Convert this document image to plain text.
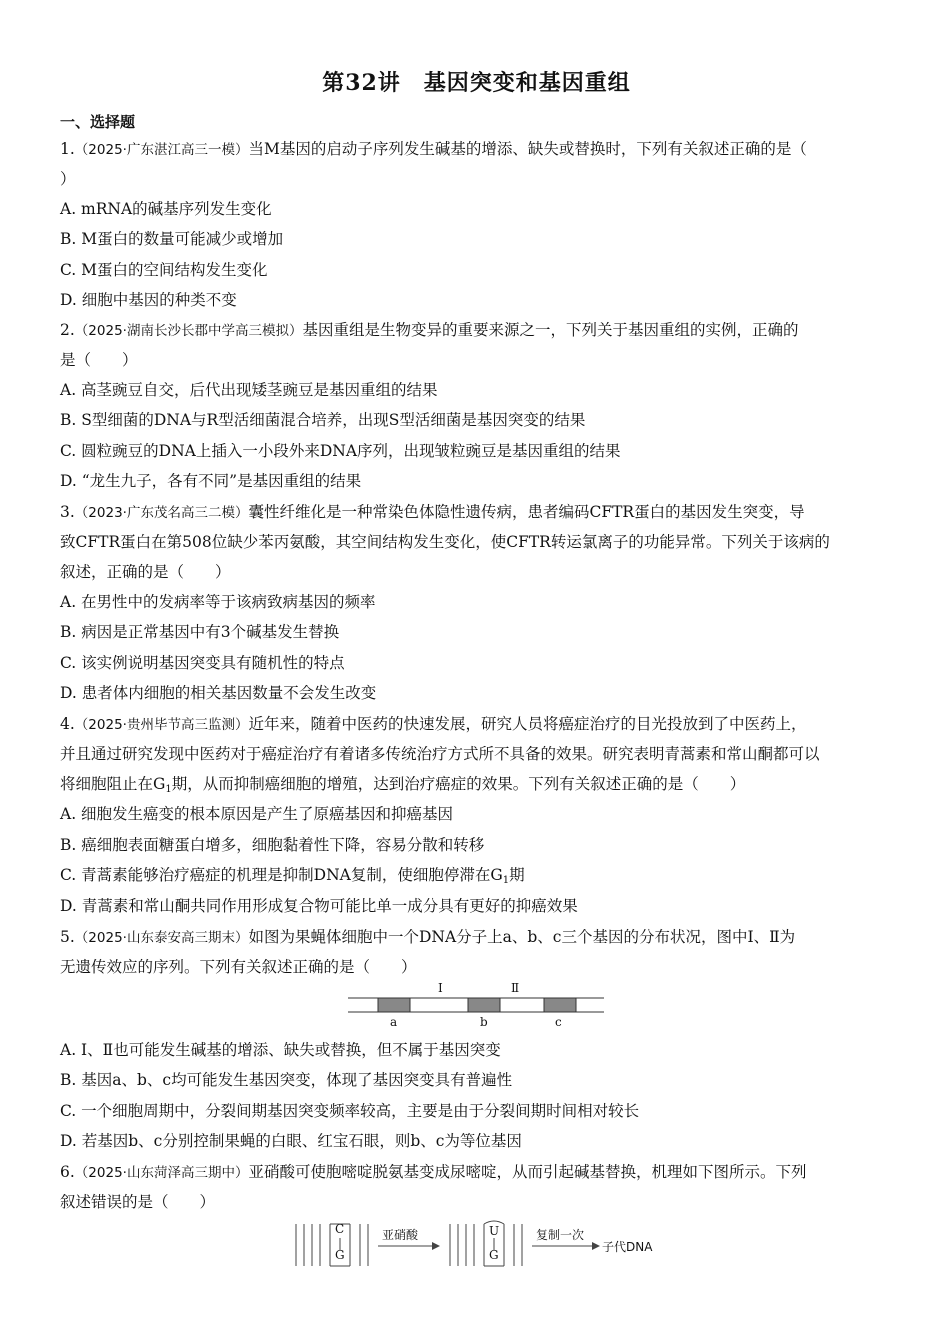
第32讲　基因突变和基因重组
一、选择题
1.（2025·广东湛江高三一模）当M基因的启动子序列发生碱基的增添、缺失或替换时，下列有关叙述正确的是（
）
A. mRNA的碱基序列发生变化
B. M蛋白的数量可能减少或增加
C. M蛋白的空间结构发生变化
D. 细胞中基因的种类不变
2.（2025·湖南长沙长郡中学高三模拟）基因重组是生物变异的重要来源之一，下列关于基因重组的实例，正确的
是（　　）
A. 高茎豌豆自交，后代出现矮茎豌豆是基因重组的结果
B. S型细菌的DNA与R型活细菌混合培养，出现S型活细菌是基因突变的结果
C. 圆粒豌豆的DNA上插入一小段外来DNA序列，出现皱粒豌豆是基因重组的结果
D. “龙生九子，各有不同”是基因重组的结果
3.（2023·广东茂名高三二模）囊性纤维化是一种常染色体隐性遗传病，患者编码CFTR蛋白的基因发生突变，导
致CFTR蛋白在第508位缺少苯丙氨酸，其空间结构发生变化，使CFTR转运氯离子的功能异常。下列关于该病的
叙述，正确的是（　　）
A. 在男性中的发病率等于该病致病基因的频率
B. 病因是正常基因中有3个碱基发生替换
C. 该实例说明基因突变具有随机性的特点
D. 患者体内细胞的相关基因数量不会发生改变
4.（2025·贵州毕节高三监测）近年来，随着中医药的快速发展，研究人员将癌症治疗的目光投放到了中医药上，
并且通过研究发现中医药对于癌症治疗有着诸多传统治疗方式所不具备的效果。研究表明青蒿素和常山酮都可以
将细胞阻止在$G_1$期，从而抑制癌细胞的增殖，达到治疗癌症的效果。下列有关叙述正确的是（　　）
A. 细胞发生癌变的根本原因是产生了原癌基因和抑癌基因
B. 癌细胞表面糖蛋白增多，细胞黏着性下降，容易分散和转移
C. 青蒿素能够治疗癌症的机理是抑制DNA复制，使细胞停滞在$G_1$期
D. 青蒿素和常山酮共同作用形成复合物可能比单一成分具有更好的抑癌效果
5.（2025·山东泰安高三期末）如图为果蝇体细胞中一个DNA分子上a、b、c三个基因的分布状况，图中Ⅰ、Ⅱ为
无遗传效应的序列。下列有关叙述正确的是（　　）
Ⅰ	Ⅱ
a	b	c
A. Ⅰ、Ⅱ也可能发生碱基的增添、缺失或替换，但不属于基因突变
B. 基因a、b、c均可能发生基因突变，体现了基因突变具有普遍性
C. 一个细胞周期中，分裂间期基因突变频率较高，主要是由于分裂间期时间相对较长
D. 若基因b、c分别控制果蝇的白眼、红宝石眼，则b、c为等位基因
6.（2025·山东菏泽高三期中）亚硝酸可使胞嘧啶脱氨基变成尿嘧啶，从而引起碱基替换，机理如下图所示。下列
叙述错误的是（　　）
C
G
亚硝酸	U
G
复制一次
子代DNA
